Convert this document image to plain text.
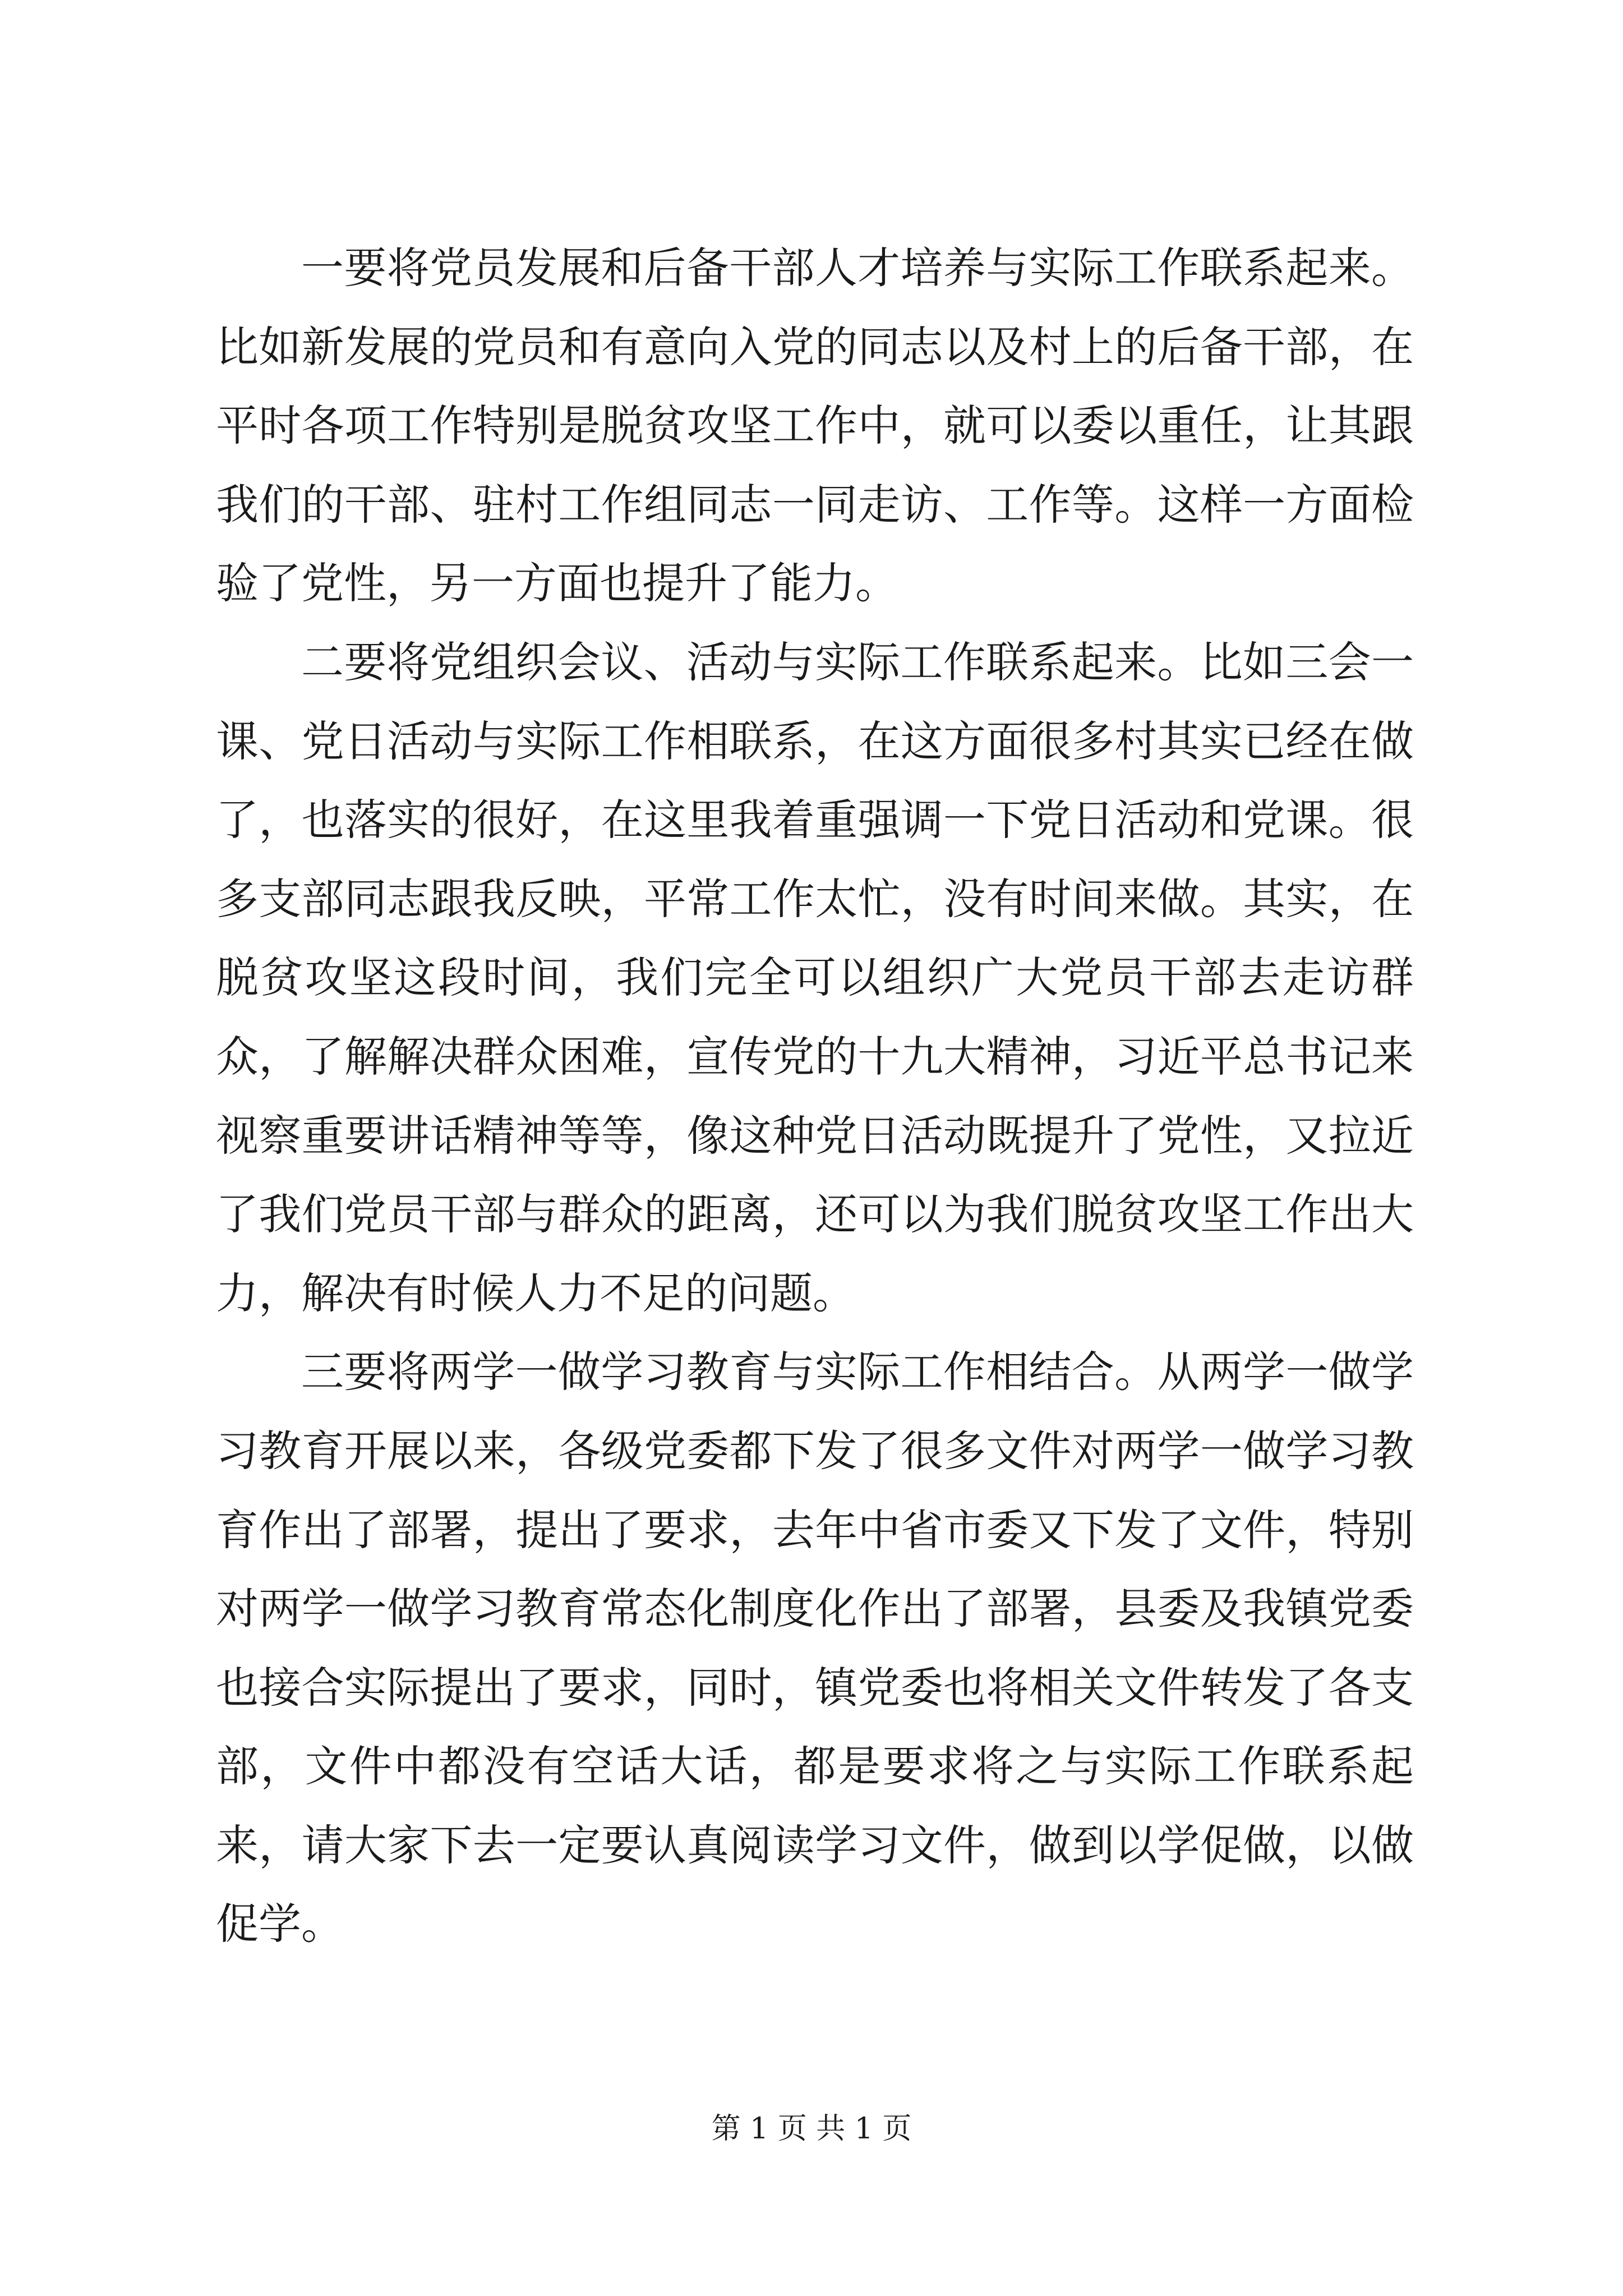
一要将党员发展和后备干部人才培养与实际工作联系起来。比如新发展的党员和有意向入党的同志以及村上的后备干部，在平时各项工作特别是脱贫攻坚工作中，就可以委以重任，让其跟我们的干部、驻村工作组同志一同走访、工作等。这样一方面检验了党性，另一方面也提升了能力。

二要将党组织会议、活动与实际工作联系起来。比如三会一课、党日活动与实际工作相联系，在这方面很多村其实已经在做了，也落实的很好，在这里我着重强调一下党日活动和党课。很多支部同志跟我反映，平常工作太忙，没有时间来做。其实，在脱贫攻坚这段时间，我们完全可以组织广大党员干部去走访群众，了解解决群众困难，宣传党的十九大精神，习近平总书记来视察重要讲话精神等等，像这种党日活动既提升了党性，又拉近了我们党员干部与群众的距离，还可以为我们脱贫攻坚工作出大力，解决有时候人力不足的问题。

三要将两学一做学习教育与实际工作相结合。从两学一做学习教育开展以来，各级党委都下发了很多文件对两学一做学习教育作出了部署，提出了要求，去年中省市委又下发了文件，特别对两学一做学习教育常态化制度化作出了部署，县委及我镇党委也接合实际提出了要求，同时，镇党委也将相关文件转发了各支部，文件中都没有空话大话，都是要求将之与实际工作联系起来，请大家下去一定要认真阅读学习文件，做到以学促做，以做促学。

第 1 页 共 1 页
